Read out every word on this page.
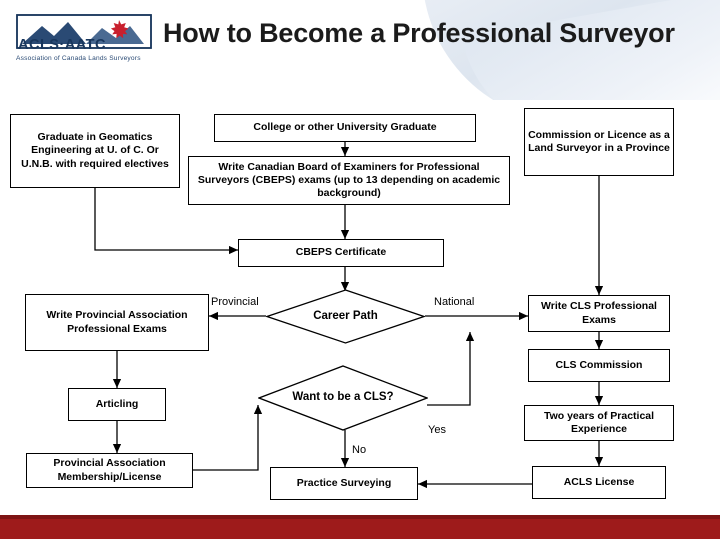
ACLS·AATC
Association of Canada Lands Surveyors
How to Become a Professional Surveyor
Graduate in Geomatics Engineering at U. of C. Or U.N.B. with required electives
College or other University Graduate
Commission or Licence as a Land Surveyor in a Province
Write Canadian Board of Examiners for Professional Surveyors (CBEPS) exams (up to 13 depending on academic background)
CBEPS Certificate
Career Path
Write Provincial Association Professional Exams
Articling
Provincial Association Membership/License
Want to be a CLS?
Write CLS Professional Exams
CLS Commission
Two years of Practical Experience
ACLS License
Practice Surveying
Provincial	National
Yes
No
